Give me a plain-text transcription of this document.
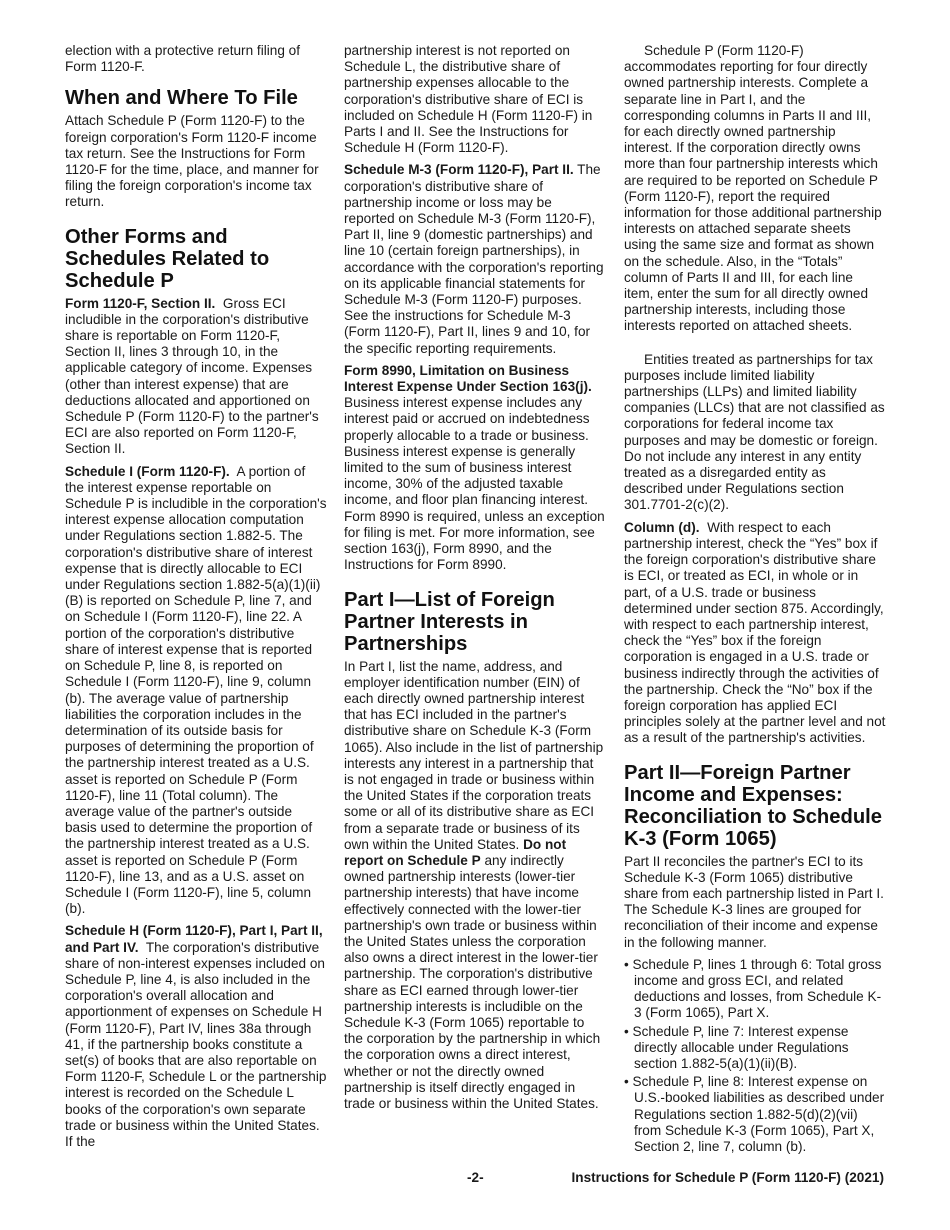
election with a protective return filing of Form 1120-F.

When and Where To File

Attach Schedule P (Form 1120-F) to the foreign corporation's Form 1120-F income tax return. See the Instructions for Form 1120-F for the time, place, and manner for filing the foreign corporation's income tax return.

Other Forms and Schedules Related to Schedule P

Form 1120-F, Section II. Gross ECI includible in the corporation's distributive share is reportable on Form 1120-F, Section II, lines 3 through 10, in the applicable category of income. Expenses (other than interest expense) that are deductions allocated and apportioned on Schedule P (Form 1120-F) to the partner's ECI are also reported on Form 1120-F, Section II.

Schedule I (Form 1120-F). A portion of the interest expense reportable on Schedule P is includible in the corporation's interest expense allocation computation under Regulations section 1.882-5. The corporation's distributive share of interest expense that is directly allocable to ECI under Regulations section 1.882-5(a)(1)(ii)(B) is reported on Schedule P, line 7, and on Schedule I (Form 1120-F), line 22. A portion of the corporation's distributive share of interest expense that is reported on Schedule P, line 8, is reported on Schedule I (Form 1120-F), line 9, column (b). The average value of partnership liabilities the corporation includes in the determination of its outside basis for purposes of determining the proportion of the partnership interest treated as a U.S. asset is reported on Schedule P (Form 1120-F), line 11 (Total column). The average value of the partner's outside basis used to determine the proportion of the partnership interest treated as a U.S. asset is reported on Schedule P (Form 1120-F), line 13, and as a U.S. asset on Schedule I (Form 1120-F), line 5, column (b).

Schedule H (Form 1120-F), Part I, Part II, and Part IV. The corporation's distributive share of non-interest expenses included on Schedule P, line 4, is also included in the corporation's overall allocation and apportionment of expenses on Schedule H (Form 1120-F), Part IV, lines 38a through 41, if the partnership books constitute a set(s) of books that are also reportable on Form 1120-F, Schedule L or the partnership interest is recorded on the Schedule L books of the corporation's own separate trade or business within the United States. If the

partnership interest is not reported on Schedule L, the distributive share of partnership expenses allocable to the corporation's distributive share of ECI is included on Schedule H (Form 1120-F) in Parts I and II. See the Instructions for Schedule H (Form 1120-F).

Schedule M-3 (Form 1120-F), Part II. The corporation's distributive share of partnership income or loss may be reported on Schedule M-3 (Form 1120-F), Part II, line 9 (domestic partnerships) and line 10 (certain foreign partnerships), in accordance with the corporation's reporting on its applicable financial statements for Schedule M-3 (Form 1120-F) purposes. See the instructions for Schedule M-3 (Form 1120-F), Part II, lines 9 and 10, for the specific reporting requirements.

Form 8990, Limitation on Business Interest Expense Under Section 163(j). Business interest expense includes any interest paid or accrued on indebtedness properly allocable to a trade or business. Business interest expense is generally limited to the sum of business interest income, 30% of the adjusted taxable income, and floor plan financing interest. Form 8990 is required, unless an exception for filing is met. For more information, see section 163(j), Form 8990, and the Instructions for Form 8990.

Part I—List of Foreign Partner Interests in Partnerships

In Part I, list the name, address, and employer identification number (EIN) of each directly owned partnership interest that has ECI included in the partner's distributive share on Schedule K-3 (Form 1065). Also include in the list of partnership interests any interest in a partnership that is not engaged in trade or business within the United States if the corporation treats some or all of its distributive share as ECI from a separate trade or business of its own within the United States. Do not report on Schedule P any indirectly owned partnership interests (lower-tier partnership interests) that have income effectively connected with the lower-tier partnership's own trade or business within the United States unless the corporation also owns a direct interest in the lower-tier partnership. The corporation's distributive share as ECI earned through lower-tier partnership interests is includible on the Schedule K-3 (Form 1065) reportable to the corporation by the partnership in which the corporation owns a direct interest, whether or not the directly owned partnership is itself directly engaged in trade or business within the United States.

Schedule P (Form 1120-F) accommodates reporting for four directly owned partnership interests. Complete a separate line in Part I, and the corresponding columns in Parts II and III, for each directly owned partnership interest. If the corporation directly owns more than four partnership interests which are required to be reported on Schedule P (Form 1120-F), report the required information for those additional partnership interests on attached separate sheets using the same size and format as shown on the schedule. Also, in the “Totals” column of Parts II and III, for each line item, enter the sum for all directly owned partnership interests, including those interests reported on attached sheets.

Entities treated as partnerships for tax purposes include limited liability partnerships (LLPs) and limited liability companies (LLCs) that are not classified as corporations for federal income tax purposes and may be domestic or foreign. Do not include any interest in any entity treated as a disregarded entity as described under Regulations section 301.7701-2(c)(2).

Column (d). With respect to each partnership interest, check the “Yes” box if the foreign corporation's distributive share is ECI, or treated as ECI, in whole or in part, of a U.S. trade or business determined under section 875. Accordingly, with respect to each partnership interest, check the “Yes” box if the foreign corporation is engaged in a U.S. trade or business indirectly through the activities of the partnership. Check the “No” box if the foreign corporation has applied ECI principles solely at the partner level and not as a result of the partnership's activities.

Part II—Foreign Partner Income and Expenses: Reconciliation to Schedule K-3 (Form 1065)

Part II reconciles the partner's ECI to its Schedule K-3 (Form 1065) distributive share from each partnership listed in Part I. The Schedule K-3 lines are grouped for reconciliation of their income and expense in the following manner.

• Schedule P, lines 1 through 6: Total gross income and gross ECI, and related deductions and losses, from Schedule K-3 (Form 1065), Part X.
• Schedule P, line 7: Interest expense directly allocable under Regulations section 1.882-5(a)(1)(ii)(B).
• Schedule P, line 8: Interest expense on U.S.-booked liabilities as described under Regulations section 1.882-5(d)(2)(vii) from Schedule K-3 (Form 1065), Part X, Section 2, line 7, column (b).
-2-	Instructions for Schedule P (Form 1120-F) (2021)
